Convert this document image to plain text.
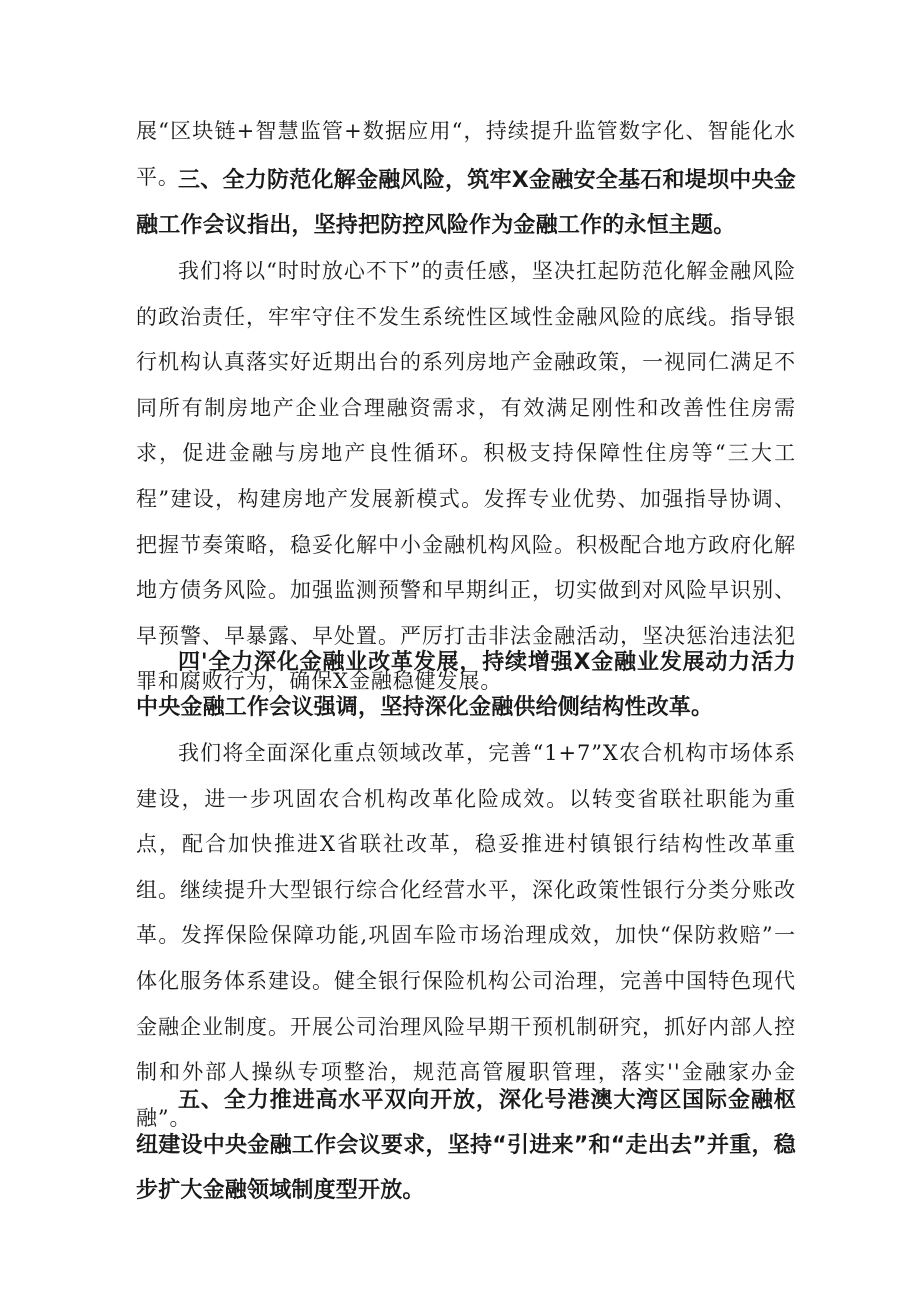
展“区块链+智慧监管+数据应用“，持续提升监管数字化、智能化水平。

三、全力防范化解金融风险，筑牢X金融安全基石和堤坝中央金融工作会议指出，坚持把防控风险作为金融工作的永恒主题。

我们将以“时时放心不下”的责任感，坚决扛起防范化解金融风险的政治责任，牢牢守住不发生系统性区域性金融风险的底线。指导银行机构认真落实好近期出台的系列房地产金融政策，一视同仁满足不同所有制房地产企业合理融资需求，有效满足刚性和改善性住房需求，促进金融与房地产良性循环。积极支持保障性住房等“三大工程”建设，构建房地产发展新模式。发挥专业优势、加强指导协调、把握节奏策略，稳妥化解中小金融机构风险。积极配合地方政府化解地方债务风险。加强监测预警和早期纠正，切实做到对风险早识别、早预警、早暴露、早处置。严厉打击非法金融活动，坚决惩治违法犯罪和腐败行为，确保X金融稳健发展。

四'全力深化金融业改革发展，持续增强X金融业发展动力活力中央金融工作会议强调，坚持深化金融供给侧结构性改革。

我们将全面深化重点领域改革，完善“1+7”X农合机构市场体系建设，进一步巩固农合机构改革化险成效。以转变省联社职能为重点，配合加快推进X省联社改革，稳妥推进村镇银行结构性改革重组。继续提升大型银行综合化经营水平，深化政策性银行分类分账改革。发挥保险保障功能,巩固车险市场治理成效，加快“保防救赔”一体化服务体系建设。健全银行保险机构公司治理，完善中国特色现代金融企业制度。开展公司治理风险早期干预机制研究，抓好内部人控制和外部人操纵专项整治，规范高管履职管理，落实''金融家办金融”。

五、全力推进高水平双向开放，深化号港澳大湾区国际金融枢纽建设中央金融工作会议要求，坚持“引进来”和“走出去”并重，稳步扩大金融领域制度型开放。
